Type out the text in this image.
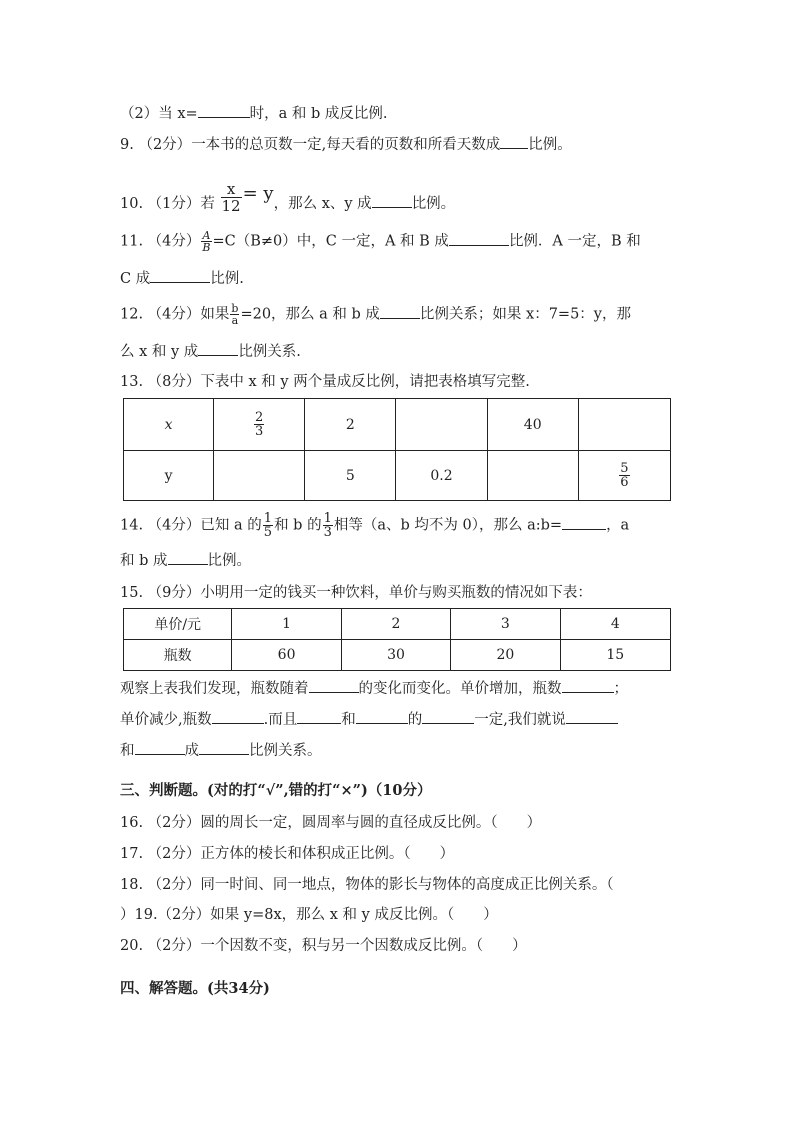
（2）当 x=	时，a 和 b 成反比例.
9. （2分）一本书的总页数一定,每天看的页数和所看天数成 比例。
10. （1分）若 $\frac{x}{12} = y$，那么 x、y 成	比例。
11. （4分） $\frac{A}{B} =C(B\ne 0)$中，C 一定，A 和 B 成	比例．A 一定，B 和
C 成	比例.
12. （4分）如果 $\frac{b}{a} =20$，那么 a 和 b 成	比例关系；如果 x：7=5：y，那
么 x 和 y 成	比例关系.
13. （8分）下表中 x 和 y 两个量成反比例，请把表格填写完整.
x	$\frac{2}{3}$	2		40	
y		5	0.2		$\frac{5}{6}$
14. （4分）已知 a 的 $\frac{1}{5}$ 和 b 的 $\frac{1}{3}$ 相等（a、b 均不为 0），那么 a:b=	，a
和 b 成	比例。
15. （9分）小明用一定的钱买一种饮料，单价与购买瓶数的情况如下表：
单价/元	1	2	3	4
瓶数	60	30	20	15
观察上表我们发现，瓶数随着	的变化而变化。单价增加，瓶数	；
单价减少,瓶数	.而且	和	的	一定,我们就说
和	成	比例关系。
三、判断题。(对的打“√”,错的打“×”)（10分）
16. （2分）圆的周长一定，圆周率与圆的直径成反比例。（　　）
17. （2分）正方体的棱长和体积成正比例。（　　）
18. （2分）同一时间、同一地点，物体的影长与物体的高度成正比例关系。（
）19.（2分）如果 y=8x，那么 x 和 y 成反比例。（　　）
20. （2分）一个因数不变，积与另一个因数成反比例。（　　）
四、解答题。(共34分)
